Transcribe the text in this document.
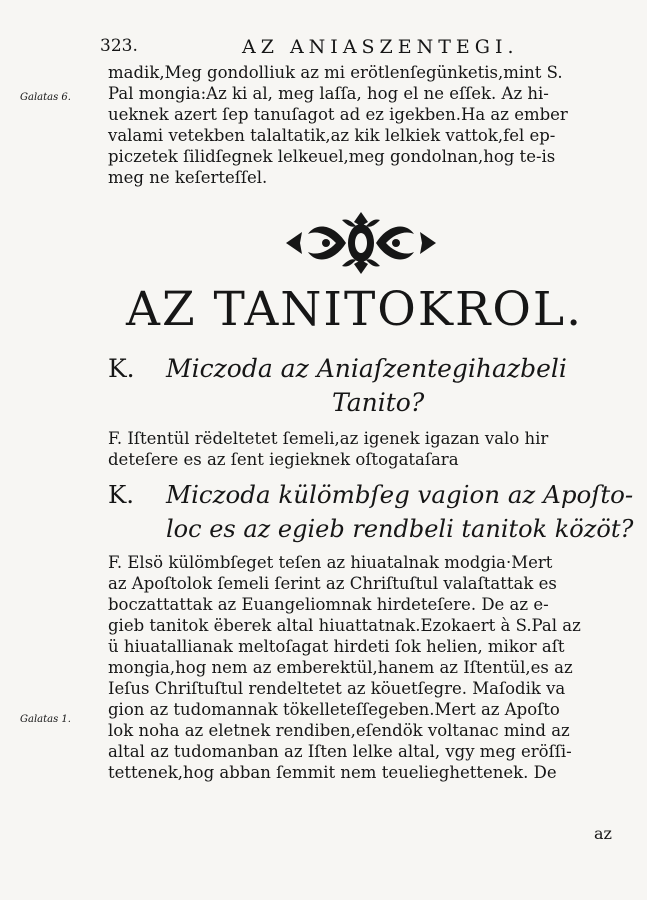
323.	AZ ANIASZENTEGI.
Galatas 6.
madik,Meg gondolliuk az mi erötlenſegünketis,mint S.
Pal mongia:Az ki al, meg laſſa, hog el ne eſſek. Az hi-
ueknek azert ſep tanuſagot ad ez igekben.Ha az ember
valami vetekben talaltatik,az kik lelkiek vattok,fel ep-
piczetek ſilidſegnek lelkeuel,meg gondolnan,hog te-is
meg ne keſerteſſel.
AZ TANITOKROL.
K. Miczoda az Aniaſzentegihazbeli
Tanito?
F. Iſtentül rëdeltetet ſemeli,az igenek igazan valo hir
deteſere es az ſent iegieknek oſtogataſara
K. Miczoda külömbſeg vagion az Apoſto-
loc es az egieb rendbeli tanitok közöt?
Galatas 1.
F. Elsö külömbſeget teſen az hiuatalnak modgia·Mert
az Apoſtolok ſemeli ſerint az Chriſtuſtul valaſtattak es
boczattattak az Euangeliomnak hirdeteſere. De az e-
gieb tanitok ëberek altal hiuattatnak.Ezokaert à S.Pal az
ü hiuatallianak meltoſagat hirdeti ſok helien, mikor aſt
mongia,hog nem az emberektül,hanem az Iſtentül,es az
Ieſus Chriſtuſtul rendeltetet az köuetſegre. Maſodik va
gion az tudomannak tökelleteſſegeben.Mert az Apoſto
lok noha az eletnek rendiben,eſendök voltanac mind az
altal az tudomanban az Iſten lelke altal, vgy meg eröſſi-
tettenek,hog abban ſemmit nem teuelieghettenek. De
az
